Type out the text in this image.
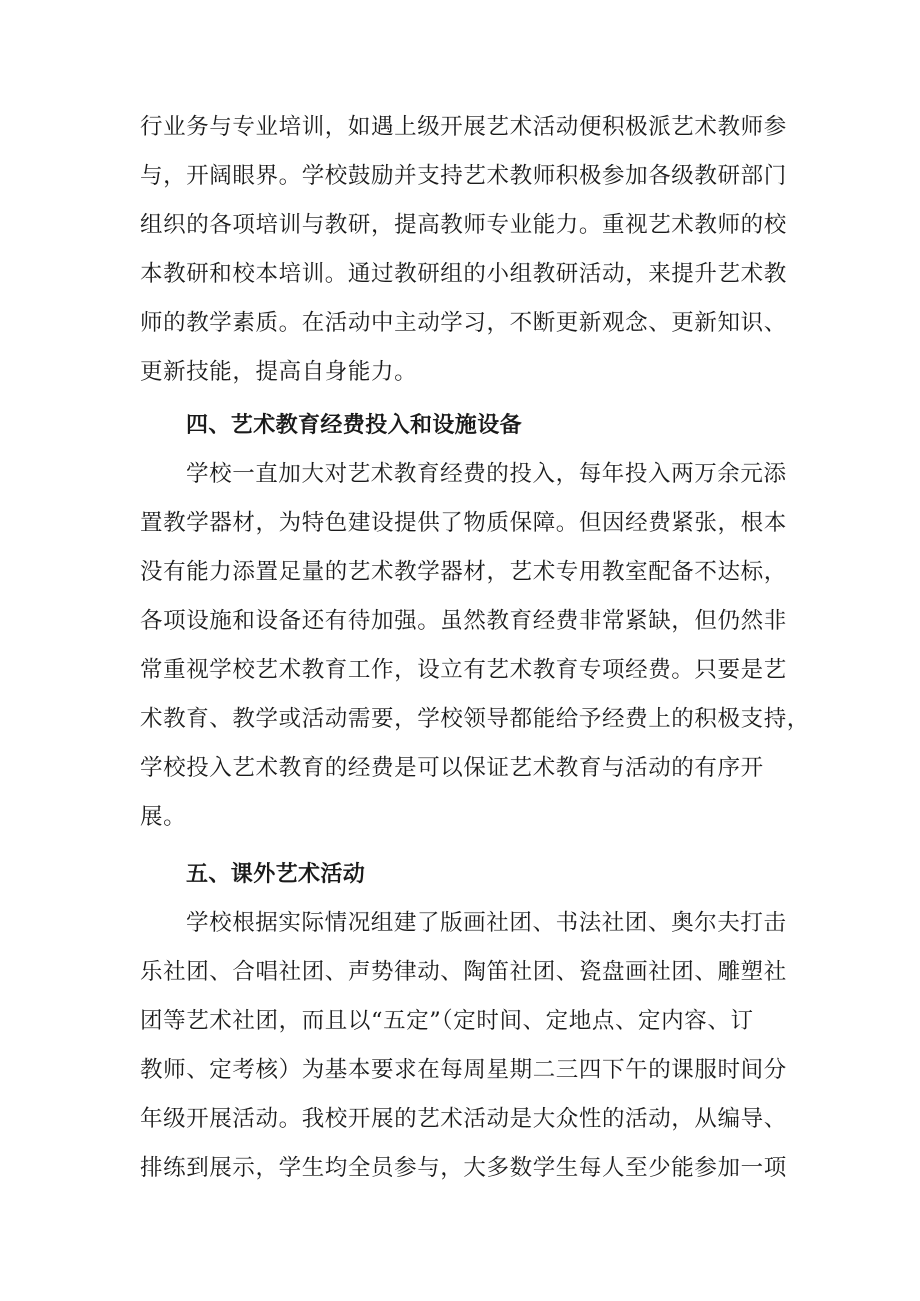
行业务与专业培训，如遇上级开展艺术活动便积极派艺术教师参
与，开阔眼界。学校鼓励并支持艺术教师积极参加各级教研部门
组织的各项培训与教研，提高教师专业能力。重视艺术教师的校
本教研和校本培训。通过教研组的小组教研活动，来提升艺术教
师的教学素质。在活动中主动学习，不断更新观念、更新知识、
更新技能，提高自身能力。
四、艺术教育经费投入和设施设备
学校一直加大对艺术教育经费的投入，每年投入两万余元添
置教学器材，为特色建设提供了物质保障。但因经费紧张，根本
没有能力添置足量的艺术教学器材，艺术专用教室配备不达标，
各项设施和设备还有待加强。虽然教育经费非常紧缺，但仍然非
常重视学校艺术教育工作，设立有艺术教育专项经费。只要是艺
术教育、教学或活动需要，学校领导都能给予经费上的积极支持，
学校投入艺术教育的经费是可以保证艺术教育与活动的有序开
展。
五、课外艺术活动
学校根据实际情况组建了版画社团、书法社团、奥尔夫打击
乐社团、合唱社团、声势律动、陶笛社团、瓷盘画社团、雕塑社
团等艺术社团，而且以“五定”（定时间、定地点、定内容、订
教师、定考核）为基本要求在每周星期二三四下午的课服时间分
年级开展活动。我校开展的艺术活动是大众性的活动，从编导、
排练到展示，学生均全员参与，大多数学生每人至少能参加一项
